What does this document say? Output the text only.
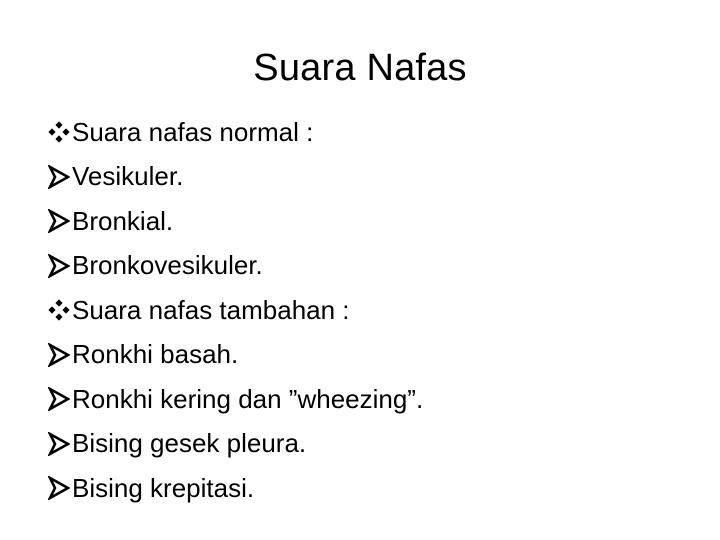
Suara Nafas
Suara nafas normal :
Vesikuler.
Bronkial.
Bronkovesikuler.
Suara nafas tambahan :
Ronkhi basah.
Ronkhi kering dan ”wheezing”.
Bising gesek pleura.
Bising krepitasi.
